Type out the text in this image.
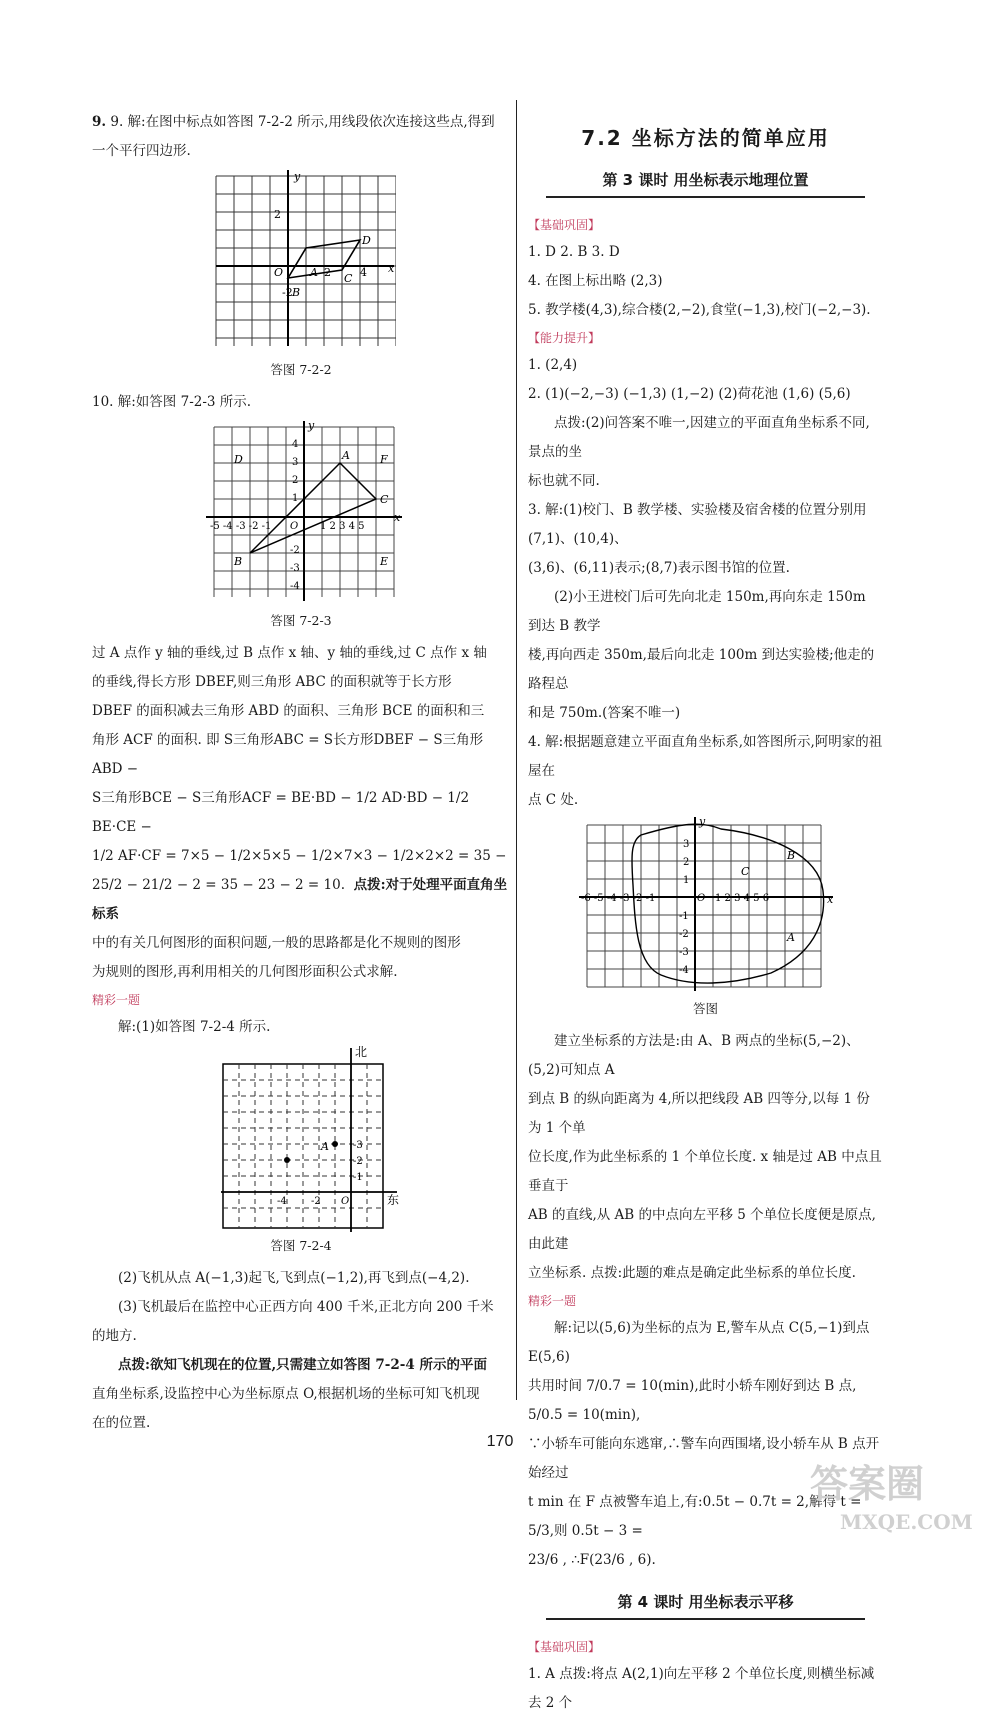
9. 9. 解:在图中标点如答图 7-2-2 所示,用线段依次连接这些点,得到

一个平行四边形.

y
2
O A 2	4 x
D
C
-2 B
答图 7-2-2

10. 解:如答图 7-2-3 所示.

y
x
D	A	F
C
B	E
-5 -4 -3 -2 -1 O 1 2 3 4 5
4
3
2
1
-2
-3
-4
答图 7-2-3

过 A 点作 y 轴的垂线,过 B 点作 x 轴、y 轴的垂线,过 C 点作 x 轴

的垂线,得长方形 DBEF,则三角形 ABC 的面积就等于长方形

DBEF 的面积减去三角形 ABD 的面积、三角形 BCE 的面积和三

角形 ACF 的面积. 即 S三角形ABC = S长方形DBEF − S三角形ABD −

S三角形BCE − S三角形ACF = BE·BD − 1/2 AD·BD − 1/2 BE·CE −

1/2 AF·CF = 7×5 − 1/2×5×5 − 1/2×7×3 − 1/2×2×2 = 35 −

25/2 − 21/2 − 2 = 35 − 23 − 2 = 10. 点拨:对于处理平面直角坐标系

中的有关几何图形的面积问题,一般的思路都是化不规则的图形

为规则的图形,再利用相关的几何图形面积公式求解.

精彩一题

解:(1)如答图 7-2-4 所示.

北
东
A -3
-2
-1
-4 -2 O
答图 7-2-4

(2)飞机从点 A(−1,3)起飞,飞到点(−1,2),再飞到点(−4,2).

(3)飞机最后在监控中心正西方向 400 千米,正北方向 200 千米

的地方.

点拨:欲知飞机现在的位置,只需建立如答图 7-2-4 所示的平面

直角坐标系,设监控中心为坐标原点 O,根据机场的坐标可知飞机现

在的位置.

7.2 坐标方法的简单应用
第 3 课时 用坐标表示地理位置
【基础巩固】

1. D 2. B 3. D

4. 在图上标出略 (2,3)

5. 教学楼(4,3),综合楼(2,−2),食堂(−1,3),校门(−2,−3).

【能力提升】

1. (2,4)

2. (1)(−2,−3) (−1,3) (1,−2) (2)荷花池 (1,6) (5,6)

点拨:(2)问答案不唯一,因建立的平面直角坐标系不同,景点的坐

标也就不同.

3. 解:(1)校门、B 教学楼、实验楼及宿舍楼的位置分别用(7,1)、(10,4)、

(3,6)、(6,11)表示;(8,7)表示图书馆的位置.

(2)小王进校门后可先向北走 150m,再向东走 150m 到达 B 教学

楼,再向西走 350m,最后向北走 100m 到达实验楼;他走的路程总

和是 750m.(答案不唯一)

4. 解:根据题意建立平面直角坐标系,如答图所示,阿明家的祖屋在

点 C 处.

y
x
B
A
C
-6 -5 -4 -3 -2 -1	O 1 2 3 4 5 6
3
2
1
-1
-2
-3
-4
答图

建立坐标系的方法是:由 A、B 两点的坐标(5,−2)、(5,2)可知点 A

到点 B 的纵向距离为 4,所以把线段 AB 四等分,以每 1 份为 1 个单

位长度,作为此坐标系的 1 个单位长度. x 轴是过 AB 中点且垂直于

AB 的直线,从 AB 的中点向左平移 5 个单位长度便是原点,由此建

立坐标系. 点拨:此题的难点是确定此坐标系的单位长度.

精彩一题

解:记以(5,6)为坐标的点为 E,警车从点 C(5,−1)到点 E(5,6)

共用时间 7/0.7 = 10(min),此时小轿车刚好到达 B 点, 5/0.5 = 10(min),

∵小轿车可能向东逃窜,∴警车向西围堵,设小轿车从 B 点开始经过

t min 在 F 点被警车追上,有:0.5t − 0.7t = 2,解得 t = 5/3,则 0.5t − 3 =

23/6 , ∴F(23/6 , 6).

第 4 课时 用坐标表示平移
【基础巩固】

1. A 点拨:将点 A(2,1)向左平移 2 个单位长度,则横坐标减去 2 个

170
答案圈
MXQE.COM
